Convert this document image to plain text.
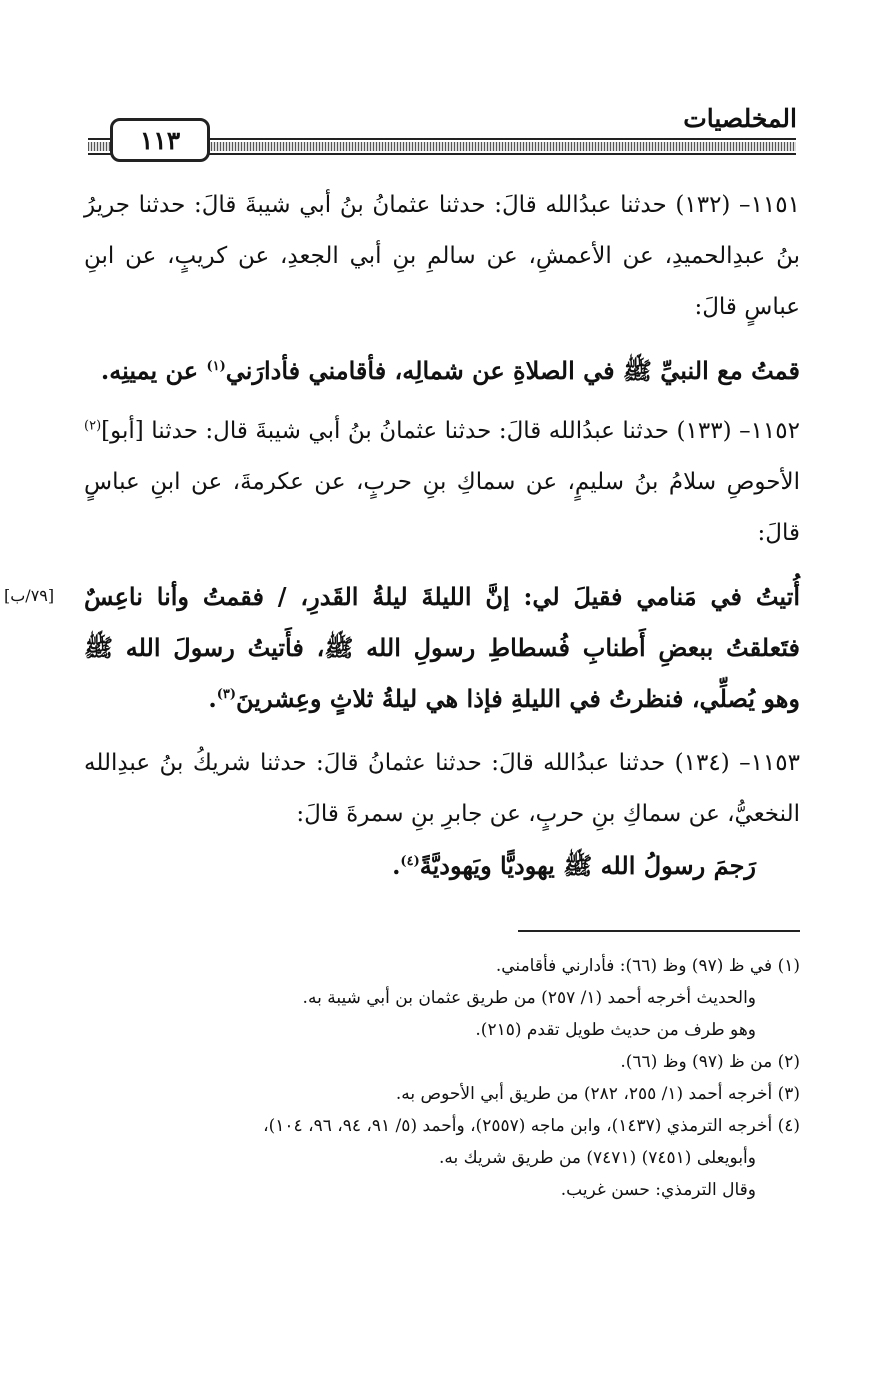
المخلصيات
١١٣

١١٥١– (١٣٢) حدثنا عبدُالله قالَ: حدثنا عثمانُ بنُ أبي شيبةَ قالَ: حدثنا جريرُ بنُ عبدِالحميدِ، عن الأعمشِ، عن سالمِ بنِ أبي الجعدِ، عن كريبٍ، عن ابنِ عباسٍ قالَ:

قمتُ مع النبيِّ ﷺ في الصلاةِ عن شمالِه، فأقامني فأدارَني$^{(١)}$ عن يمينِه.

١١٥٢– (١٣٣) حدثنا عبدُالله قالَ: حدثنا عثمانُ بنُ أبي شيبةَ قال: حدثنا [أبو]$^{(٢)}$ الأحوصِ سلامُ بنُ سليمٍ، عن سماكِ بنِ حربٍ، عن عكرمةَ، عن ابنِ عباسٍ قالَ:

أُتيتُ في مَنامي فقيلَ لي: إنَّ الليلةَ ليلةُ القَدرِ، / فقمتُ وأنا ناعِسٌ فتَعلقتُ ببعضِ أَطنابِ فُسطاطِ رسولِ الله ﷺ، فأَتيتُ رسولَ الله ﷺ وهو يُصلِّي، فنظرتُ في الليلةِ فإذا هي ليلةُ ثلاثٍ وعِشرينَ$^{(٣)}$.

[٧٩/ب]

١١٥٣– (١٣٤) حدثنا عبدُالله قالَ: حدثنا عثمانُ قالَ: حدثنا شريكُ بنُ عبدِالله النخعيُّ، عن سماكِ بنِ حربٍ، عن جابرِ بنِ سمرةَ قالَ:

رَجمَ رسولُ الله ﷺ يهوديًّا ويَهوديَّةً$^{(٤)}$.

(١) في ظ (٩٧) وظ (٦٦): فأدارني فأقامني.

والحديث أخرجه أحمد (١/ ٢٥٧) من طريق عثمان بن أبي شيبة به.

وهو طرف من حديث طويل تقدم (٢١٥).

(٢) من ظ (٩٧) وظ (٦٦).

(٣) أخرجه أحمد (١/ ٢٥٥، ٢٨٢) من طريق أبي الأحوص به.

(٤) أخرجه الترمذي (١٤٣٧)، وابن ماجه (٢٥٥٧)، وأحمد (٥/ ٩١، ٩٤، ٩٦، ١٠٤)،

وأبويعلى (٧٤٥١) (٧٤٧١) من طريق شريك به.

وقال الترمذي: حسن غريب.
